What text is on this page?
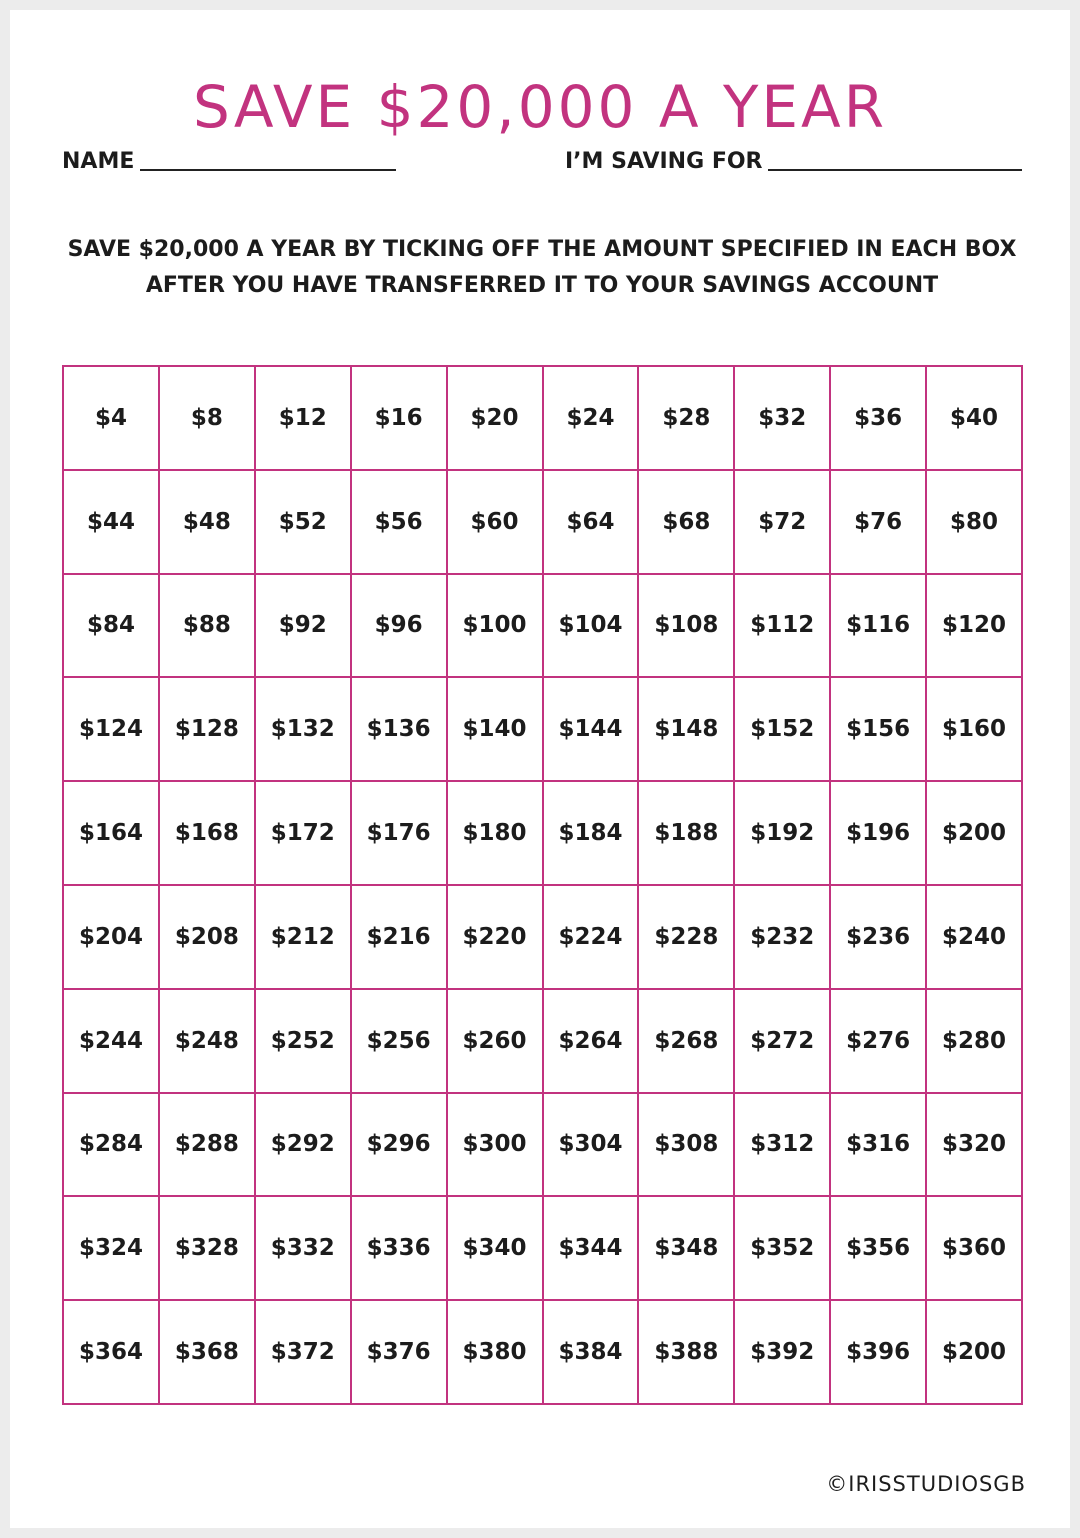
SAVE $20,000 A YEAR
NAME	I’M SAVING FOR
SAVE $20,000 A YEAR BY TICKING OFF THE AMOUNT SPECIFIED IN EACH BOX
AFTER YOU HAVE TRANSFERRED IT TO YOUR SAVINGS ACCOUNT
$4	$8	$12	$16	$20	$24	$28	$32	$36	$40
$44	$48	$52	$56	$60	$64	$68	$72	$76	$80
$84	$88	$92	$96	$100	$104	$108	$112	$116	$120
$124	$128	$132	$136	$140	$144	$148	$152	$156	$160
$164	$168	$172	$176	$180	$184	$188	$192	$196	$200
$204	$208	$212	$216	$220	$224	$228	$232	$236	$240
$244	$248	$252	$256	$260	$264	$268	$272	$276	$280
$284	$288	$292	$296	$300	$304	$308	$312	$316	$320
$324	$328	$332	$336	$340	$344	$348	$352	$356	$360
$364	$368	$372	$376	$380	$384	$388	$392	$396	$200
©IRISSTUDIOSGB
